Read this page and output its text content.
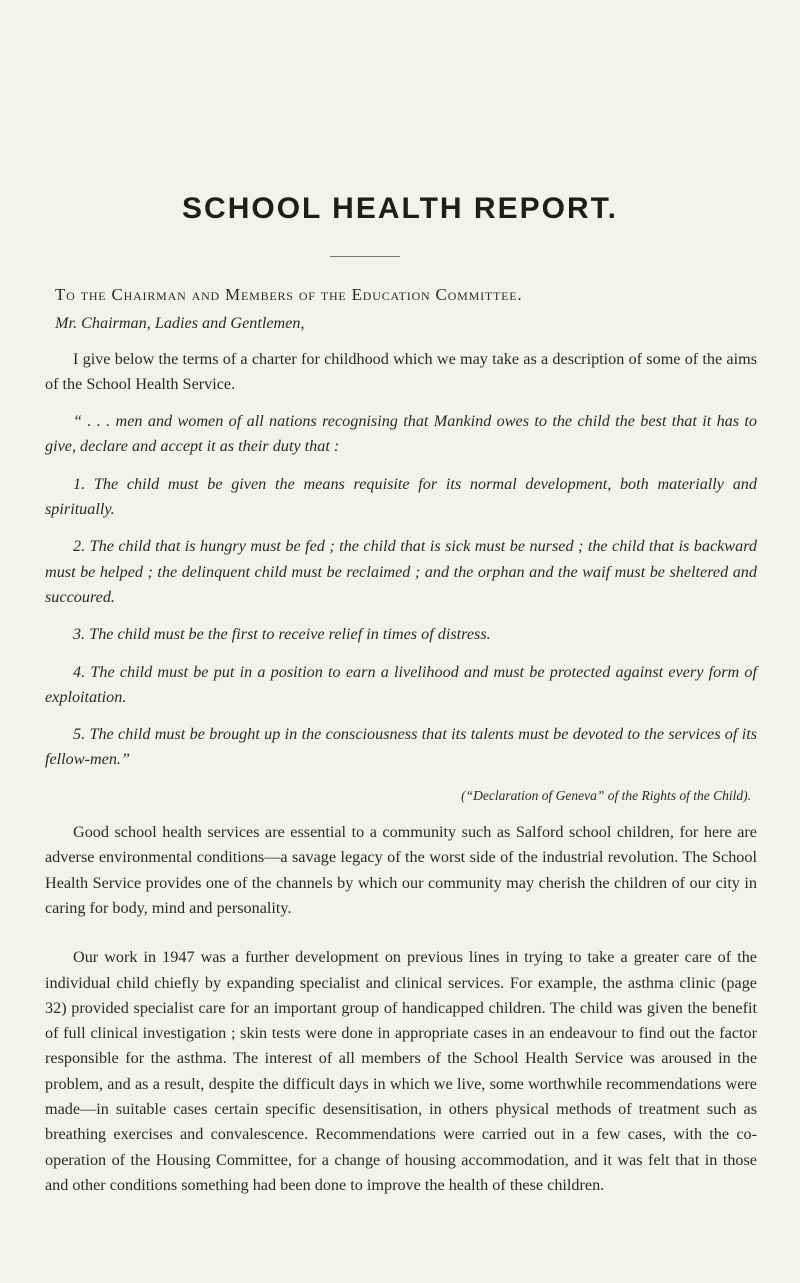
SCHOOL HEALTH REPORT.

To the Chairman and Members of the Education Committee.

Mr. Chairman, Ladies and Gentlemen,

I give below the terms of a charter for childhood which we may take as a description of some of the aims of the School Health Service.

“ . . . men and women of all nations recognising that Mankind owes to the child the best that it has to give, declare and accept it as their duty that :

1. The child must be given the means requisite for its normal development, both materially and spiritually.

2. The child that is hungry must be fed ; the child that is sick must be nursed ; the child that is backward must be helped ; the delinquent child must be reclaimed ; and the orphan and the waif must be sheltered and succoured.

3. The child must be the first to receive relief in times of distress.

4. The child must be put in a position to earn a livelihood and must be protected against every form of exploitation.

5. The child must be brought up in the consciousness that its talents must be devoted to the services of its fellow-men.”

(“Declaration of Geneva” of the Rights of the Child).

Good school health services are essential to a community such as Salford school children, for here are adverse environmental conditions—a savage legacy of the worst side of the industrial revolution. The School Health Service provides one of the channels by which our community may cherish the children of our city in caring for body, mind and personality.

Our work in 1947 was a further development on previous lines in trying to take a greater care of the individual child chiefly by expanding specialist and clinical services. For example, the asthma clinic (page 32) provided specialist care for an important group of handicapped children. The child was given the benefit of full clinical investigation ; skin tests were done in appropriate cases in an endeavour to find out the factor responsible for the asthma. The interest of all members of the School Health Service was aroused in the problem, and as a result, despite the difficult days in which we live, some worthwhile recommendations were made—in suitable cases certain specific desensitisation, in others physical methods of treatment such as breathing exercises and convalescence. Recommendations were carried out in a few cases, with the co-operation of the Housing Committee, for a change of housing accommodation, and it was felt that in those and other conditions something had been done to improve the health of these children.
